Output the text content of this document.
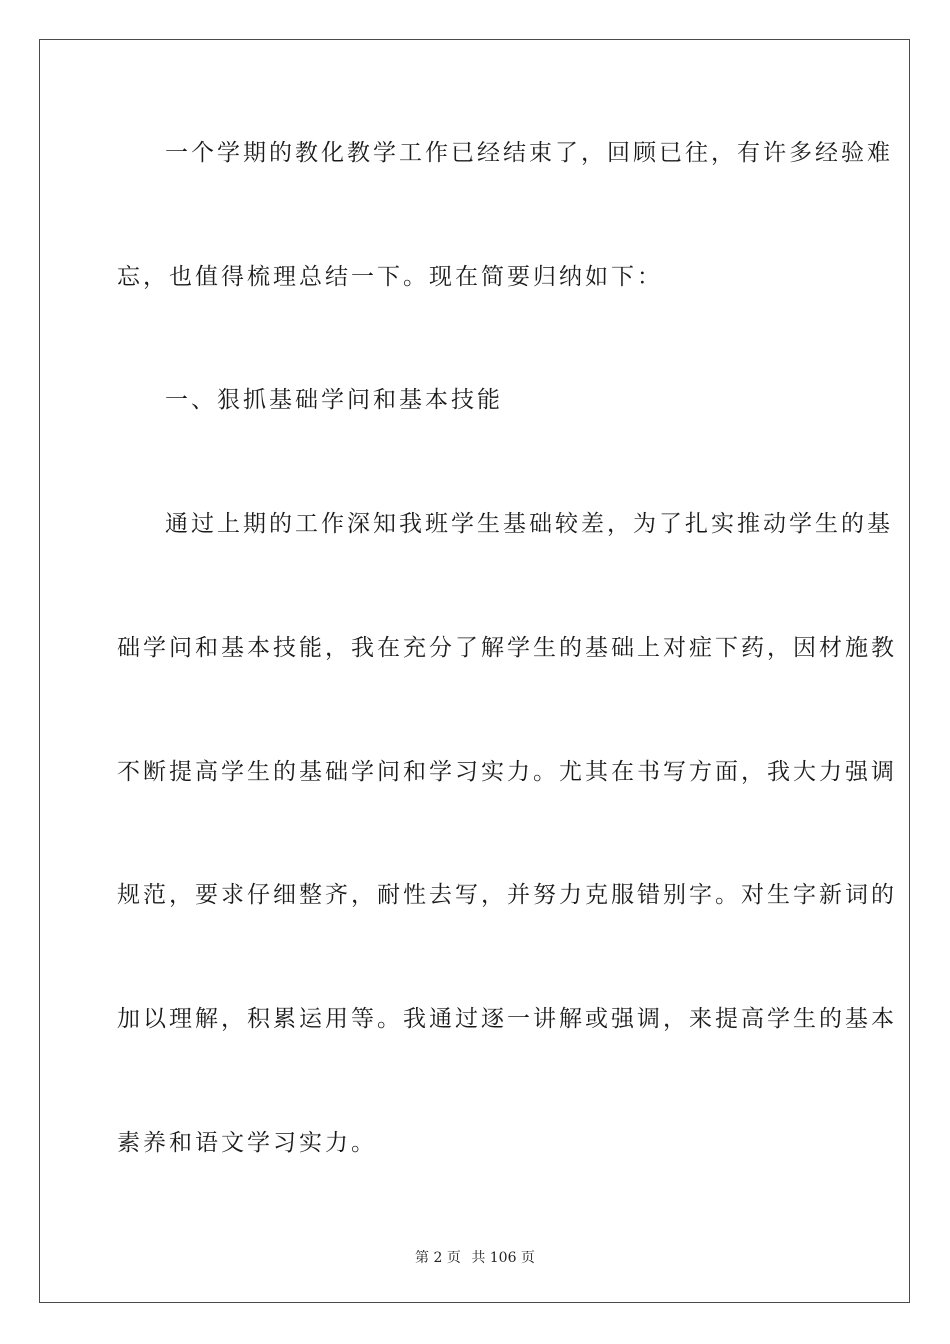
一个学期的教化教学工作已经结束了，回顾已往，有许多经验难
忘，也值得梳理总结一下。现在简要归纳如下：
一、狠抓基础学问和基本技能
通过上期的工作深知我班学生基础较差，为了扎实推动学生的基
础学问和基本技能，我在充分了解学生的基础上对症下药，因材施教
不断提高学生的基础学问和学习实力。尤其在书写方面，我大力强调
规范，要求仔细整齐，耐性去写，并努力克服错别字。对生字新词的
加以理解，积累运用等。我通过逐一讲解或强调，来提高学生的基本
素养和语文学习实力。
第 2 页 共 106 页
